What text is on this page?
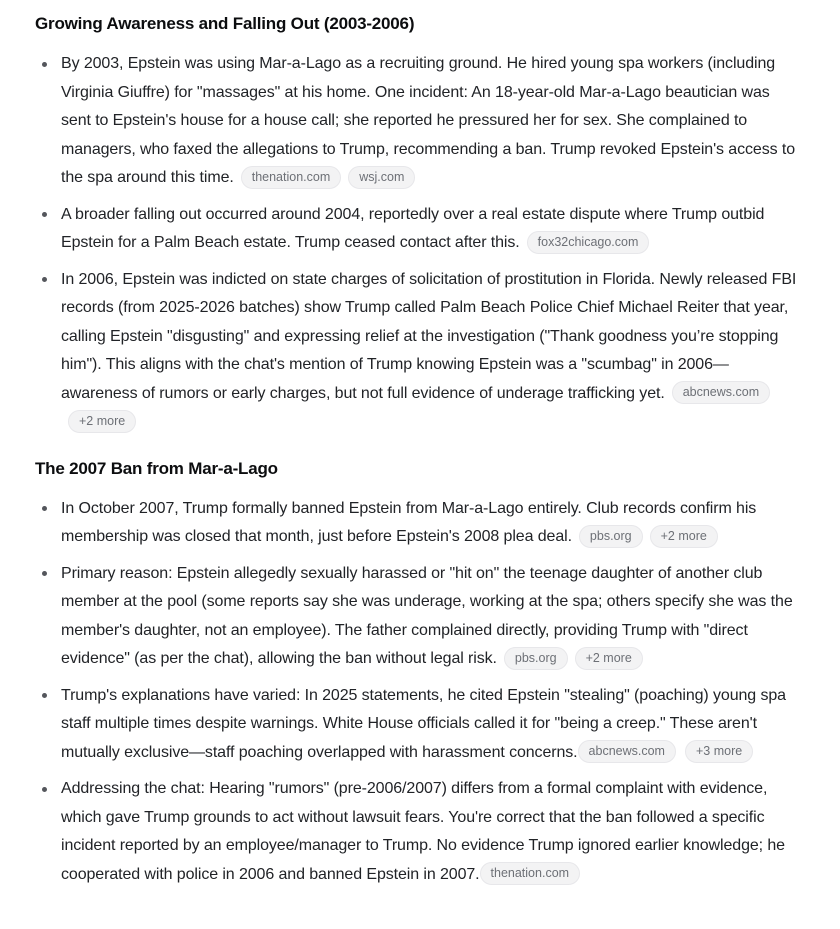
Growing Awareness and Falling Out (2003-2006)
By 2003, Epstein was using Mar-a-Lago as a recruiting ground. He hired young spa workers (including Virginia Giuffre) for "massages" at his home. One incident: An 18-year-old Mar-a-Lago beautician was sent to Epstein's house for a house call; she reported he pressured her for sex. She complained to managers, who faxed the allegations to Trump, recommending a ban. Trump revoked Epstein's access to the spa around this time. thenation.com wsj.com
A broader falling out occurred around 2004, reportedly over a real estate dispute where Trump outbid Epstein for a Palm Beach estate. Trump ceased contact after this. fox32chicago.com
In 2006, Epstein was indicted on state charges of solicitation of prostitution in Florida. Newly released FBI records (from 2025-2026 batches) show Trump called Palm Beach Police Chief Michael Reiter that year, calling Epstein "disgusting" and expressing relief at the investigation ("Thank goodness you’re stopping him"). This aligns with the chat's mention of Trump knowing Epstein was a "scumbag" in 2006—awareness of rumors or early charges, but not full evidence of underage trafficking yet. abcnews.com+2 more
The 2007 Ban from Mar-a-Lago
In October 2007, Trump formally banned Epstein from Mar-a-Lago entirely. Club records confirm his membership was closed that month, just before Epstein's 2008 plea deal. pbs.org +2 more
Primary reason: Epstein allegedly sexually harassed or "hit on" the teenage daughter of another club member at the pool (some reports say she was underage, working at the spa; others specify she was the member's daughter, not an employee). The father complained directly, providing Trump with "direct evidence" (as per the chat), allowing the ban without legal risk. pbs.org +2 more
Trump's explanations have varied: In 2025 statements, he cited Epstein "stealing" (poaching) young spa staff multiple times despite warnings. White House officials called it for "being a creep." These aren't mutually exclusive—staff poaching overlapped with harassment concerns. abcnews.com +3 more
Addressing the chat: Hearing "rumors" (pre-2006/2007) differs from a formal complaint with evidence, which gave Trump grounds to act without lawsuit fears. You're correct that the ban followed a specific incident reported by an employee/manager to Trump. No evidence Trump ignored earlier knowledge; he cooperated with police in 2006 and banned Epstein in 2007. thenation.com
